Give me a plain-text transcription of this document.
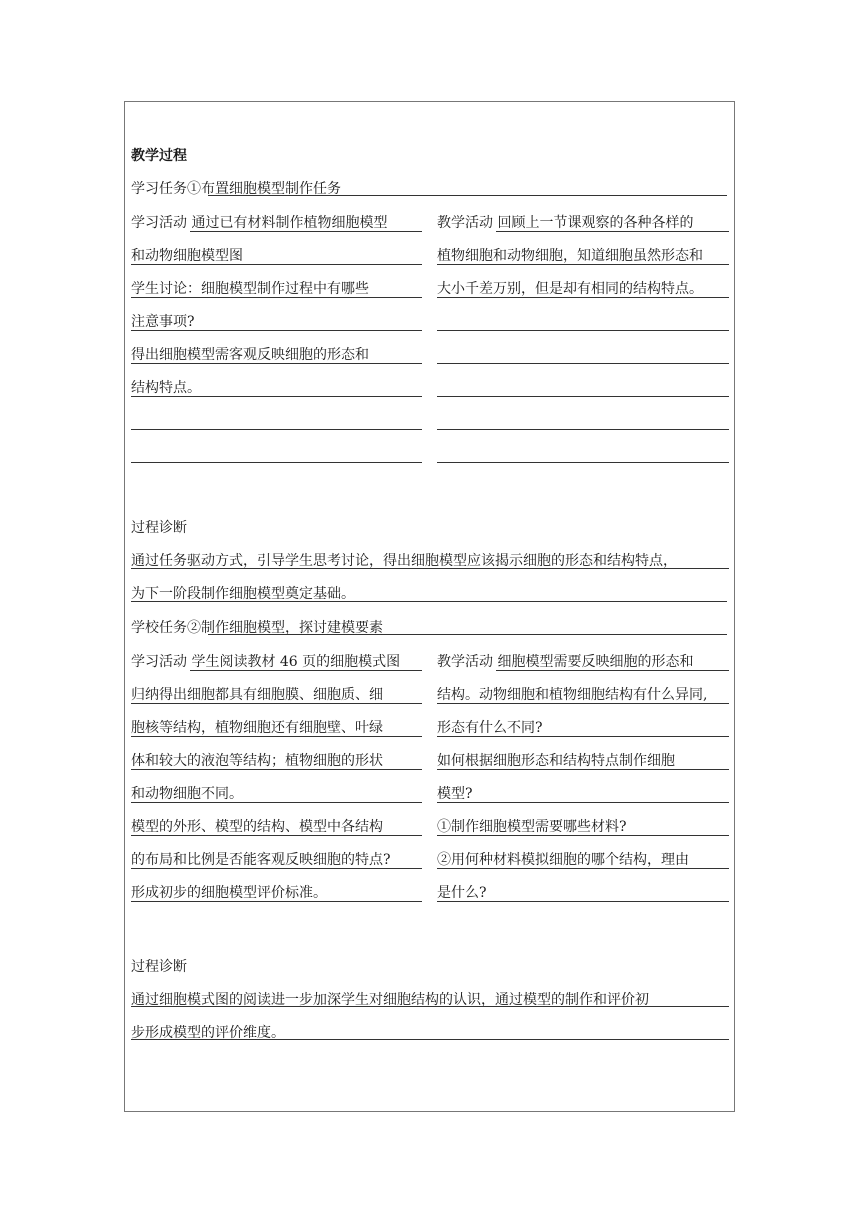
教学过程
学习任务①布置细胞模型制作任务
学习活动 通过已有材料制作植物细胞模型
和动物细胞模型图
学生讨论：细胞模型制作过程中有哪些
注意事项?
得出细胞模型需客观反映细胞的形态和
结构特点。
教学活动 回顾上一节课观察的各种各样的
植物细胞和动物细胞，知道细胞虽然形态和
大小千差万别，但是却有相同的结构特点。
过程诊断
通过任务驱动方式，引导学生思考讨论，得出细胞模型应该揭示细胞的形态和结构特点，
为下一阶段制作细胞模型奠定基础。
学校任务②制作细胞模型，探讨建模要素
学习活动 学生阅读教材 46 页的细胞模式图
归纳得出细胞都具有细胞膜、细胞质、细
胞核等结构，植物细胞还有细胞壁、叶绿
体和较大的液泡等结构；植物细胞的形状
和动物细胞不同。
模型的外形、模型的结构、模型中各结构
的布局和比例是否能客观反映细胞的特点?
形成初步的细胞模型评价标准。
教学活动 细胞模型需要反映细胞的形态和
结构。动物细胞和植物细胞结构有什么异同,
形态有什么不同?
如何根据细胞形态和结构特点制作细胞
模型?
①制作细胞模型需要哪些材料?
②用何种材料模拟细胞的哪个结构，理由
是什么?
过程诊断
通过细胞模式图的阅读进一步加深学生对细胞结构的认识，通过模型的制作和评价初
步形成模型的评价维度。
